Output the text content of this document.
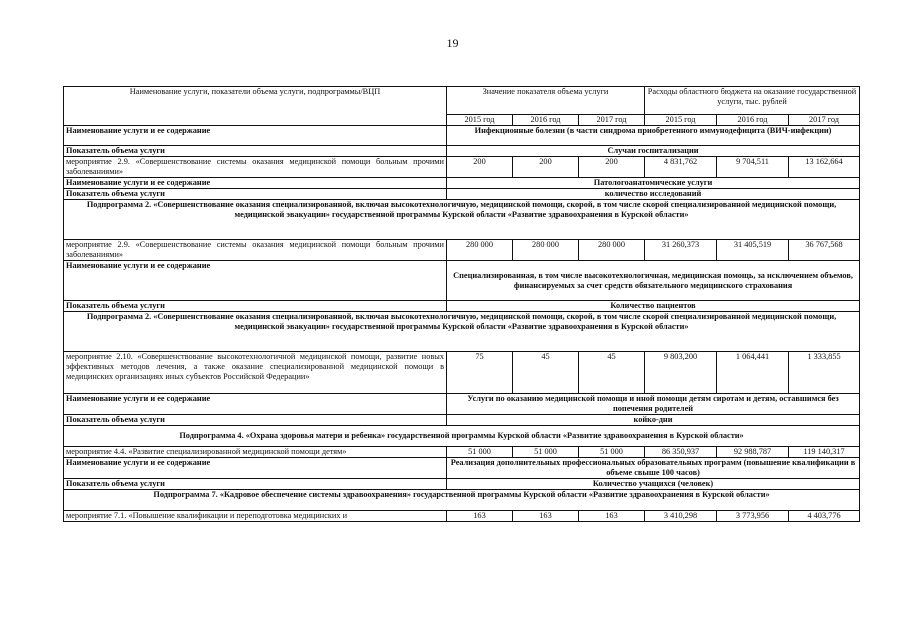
19
Наименование услуги, показатели объема услуги, подпрограммы/ВЦП	Значение показателя объема услуги			Расходы областного бюджета на оказание государственной услуги, тыс. рублей		
	2015 год	2016 год	2017 год	2015 год	2016 год	2017 год
Наименование услуги и ее содержание	Инфекционные болезни (в части синдрома приобретенного иммунодефицита (ВИЧ-инфекции)					
Показатель объема услуги	Случаи госпитализации					
мероприятие 2.9. «Совершенствование системы оказания медицинской помощи больным прочими заболеваниями»	200	200	200	4 831,762	9 704,511	13 162,664
Наименование услуги и ее содержание	Патологоанатомические услуги					
Показатель объема услуги	количество исследований					
Подпрограмма 2. «Совершенствование оказания специализированной, включая высокотехнологичную, медицинской помощи, скорой, в том числе скорой специализированной медицинской помощи, медицинской эвакуации» государственной программы Курской области «Развитие здравоохранения в Курской области»						
мероприятие 2.9. «Совершенствование системы оказания медицинской помощи больным прочими заболеваниями»	280 000	280 000	280 000	31 260,373	31 405,519	36 767,568
Наименование услуги и ее содержание	Специализированная, в том числе высокотехнологичная, медицинская помощь, за исключением объемов, финансируемых за счет средств обязательного медицинского страхования					
Показатель объема услуги	Количество пациентов					
Подпрограмма 2. «Совершенствование оказания специализированной, включая высокотехнологичную, медицинской помощи, скорой, в том числе скорой специализированной медицинской помощи, медицинской эвакуации» государственной программы Курской области «Развитие здравоохранения в Курской области»						
мероприятие 2.10. «Совершенствование высокотехнологичной медицинской помощи, развитие новых эффективных методов лечения, а также оказание специализированной медицинской помощи в медицинских организациях иных субъектов Российской Федерации»	75	45	45	9 803,200	1 064,441	1 333,855
Наименование услуги и ее содержание	Услуги по оказанию медицинской помощи и иной помощи детям сиротам и детям, оставшимся без попечения родителей					
Показатель объема услуги	койко-дни					
Подпрограмма 4. «Охрана здоровья матери и ребенка» государственной программы Курской области «Развитие здравоохранения в Курской области»						
мероприятие 4.4. «Развитие специализированной медицинской помощи детям»	51 000	51 000	51 000	86 350,937	92 988,787	119 140,317
Наименование услуги и ее содержание	Реализация дополнительных профессиональных образовательных программ (повышение квалификации в объеме свыше 100 часов)					
Показатель объема услуги	Количество учащихся (человек)					
Подпрограмма 7. «Кадровое обеспечение системы здравоохранения» государственной программы Курской области «Развитие здравоохранения в Курской области»						
мероприятие 7.1. «Повышение квалификации и переподготовка медицинских и	163	163	163	3 410,298	3 773,956	4 403,776
